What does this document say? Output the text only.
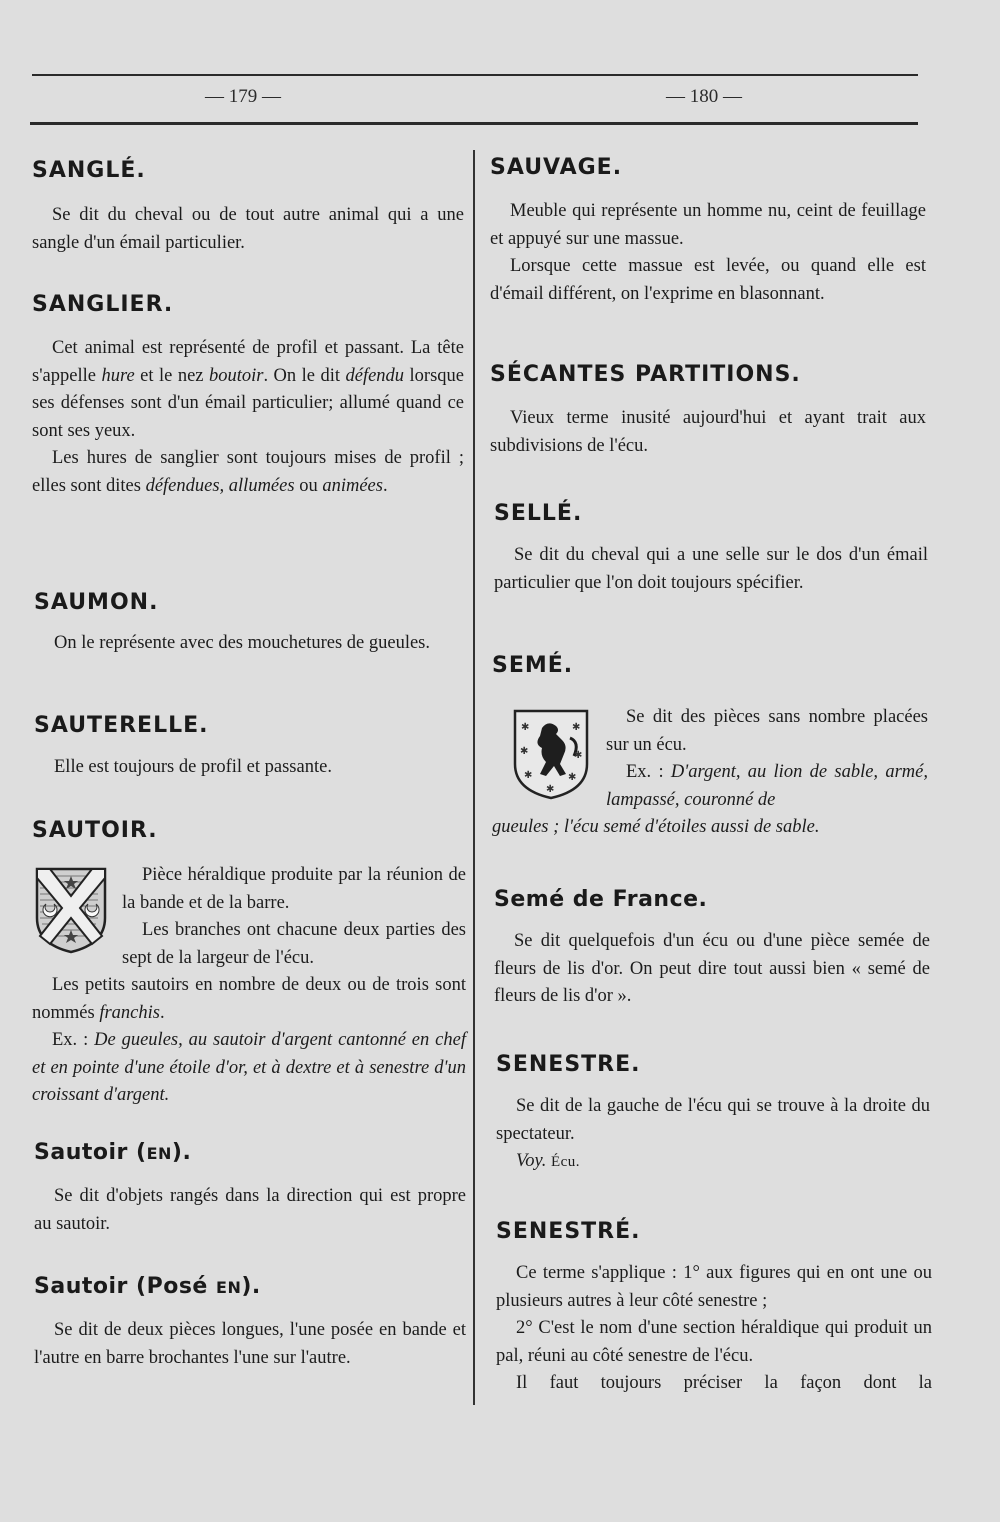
— 179 —	— 180 —
SANGLÉ.

Se dit du cheval ou de tout autre animal qui a une sangle d'un émail particulier.

SANGLIER.

Cet animal est représenté de profil et passant. La tête s'appelle hure et le nez boutoir. On le dit défendu lorsque ses défenses sont d'un émail particulier; allumé quand ce sont ses yeux.

Les hures de sanglier sont toujours mises de profil ; elles sont dites défendues, allumées ou animées.

SAUMON.

On le représente avec des mouchetures de gueules.

SAUTERELLE.

Elle est toujours de profil et passante.

SAUTOIR.

Pièce héraldique produite par la réunion de la bande et de la barre.

Les branches ont chacune deux parties des sept de la largeur de l'écu.

Les petits sautoirs en nombre de deux ou de trois sont nommés franchis.

Ex. : De gueules, au sautoir d'argent cantonné en chef et en pointe d'une étoile d'or, et à dextre et à senestre d'un croissant d'argent.

Sautoir (EN).

Se dit d'objets rangés dans la direction qui est propre au sautoir.

Sautoir (Posé EN).

Se dit de deux pièces longues, l'une posée en bande et l'autre en barre brochantes l'une sur l'autre.

SAUVAGE.

Meuble qui représente un homme nu, ceint de feuillage et appuyé sur une massue.

Lorsque cette massue est levée, ou quand elle est d'émail différent, on l'exprime en blasonnant.

SÉCANTES PARTITIONS.

Vieux terme inusité aujourd'hui et ayant trait aux subdivisions de l'écu.

SELLÉ.

Se dit du cheval qui a une selle sur le dos d'un émail particulier que l'on doit toujours spécifier.

SEMÉ.
✱	✱
✱	✱
✱	✱
✱

Se dit des pièces sans nombre placées sur un écu.

Ex. : D'argent, au lion de sable, armé, lampassé, couronné de

gueules ; l'écu semé d'étoiles aussi de sable.

Semé de France.

Se dit quelquefois d'un écu ou d'une pièce semée de fleurs de lis d'or. On peut dire tout aussi bien « semé de fleurs de lis d'or ».

SENESTRE.

Se dit de la gauche de l'écu qui se trouve à la droite du spectateur.

Voy. Écu.

SENESTRÉ.

Ce terme s'applique : 1° aux figures qui en ont une ou plusieurs autres à leur côté senestre ;

2° C'est le nom d'une section héraldique qui produit un pal, réuni au côté senestre de l'écu.

Il faut toujours préciser la façon dont la
